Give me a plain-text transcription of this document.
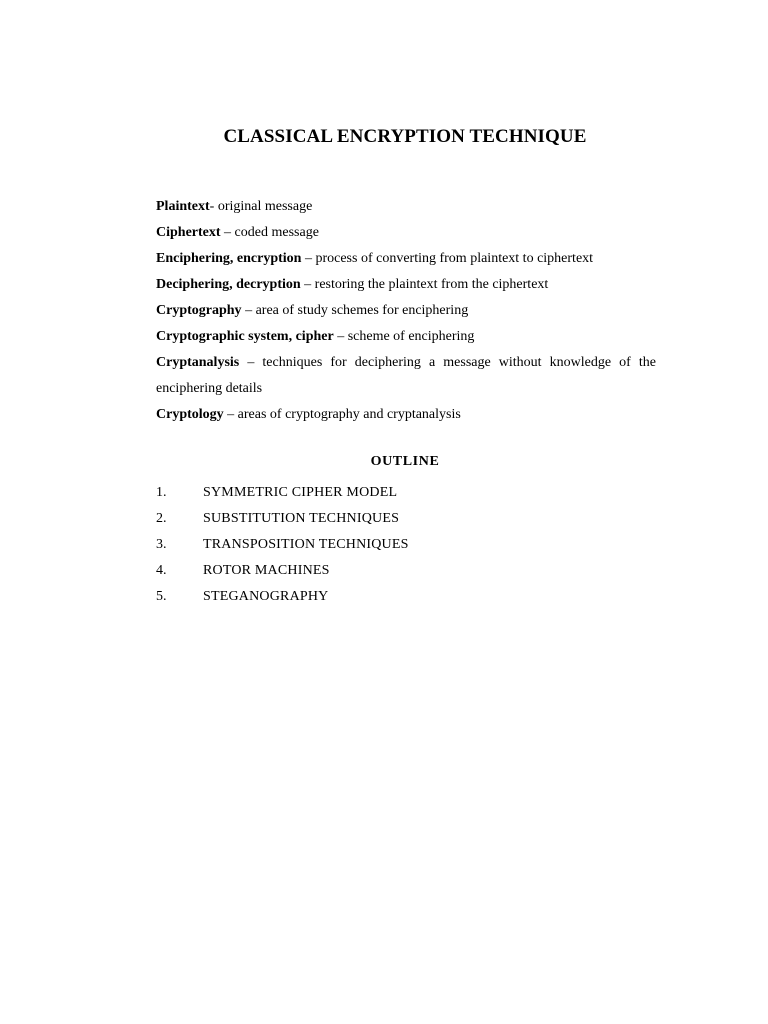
CLASSICAL ENCRYPTION TECHNIQUE

Plaintext- original message

Ciphertext – coded message

Enciphering, encryption – process of converting from plaintext to ciphertext

Deciphering, decryption – restoring the plaintext from the ciphertext

Cryptography – area of study schemes for enciphering

Cryptographic system, cipher – scheme of enciphering

Cryptanalysis – techniques for deciphering a message without knowledge of the enciphering details

Cryptology – areas of cryptography and cryptanalysis

OUTLINE
1.	SYMMETRIC CIPHER MODEL
2.	SUBSTITUTION TECHNIQUES
3.	TRANSPOSITION TECHNIQUES
4.	ROTOR MACHINES
5.	STEGANOGRAPHY
